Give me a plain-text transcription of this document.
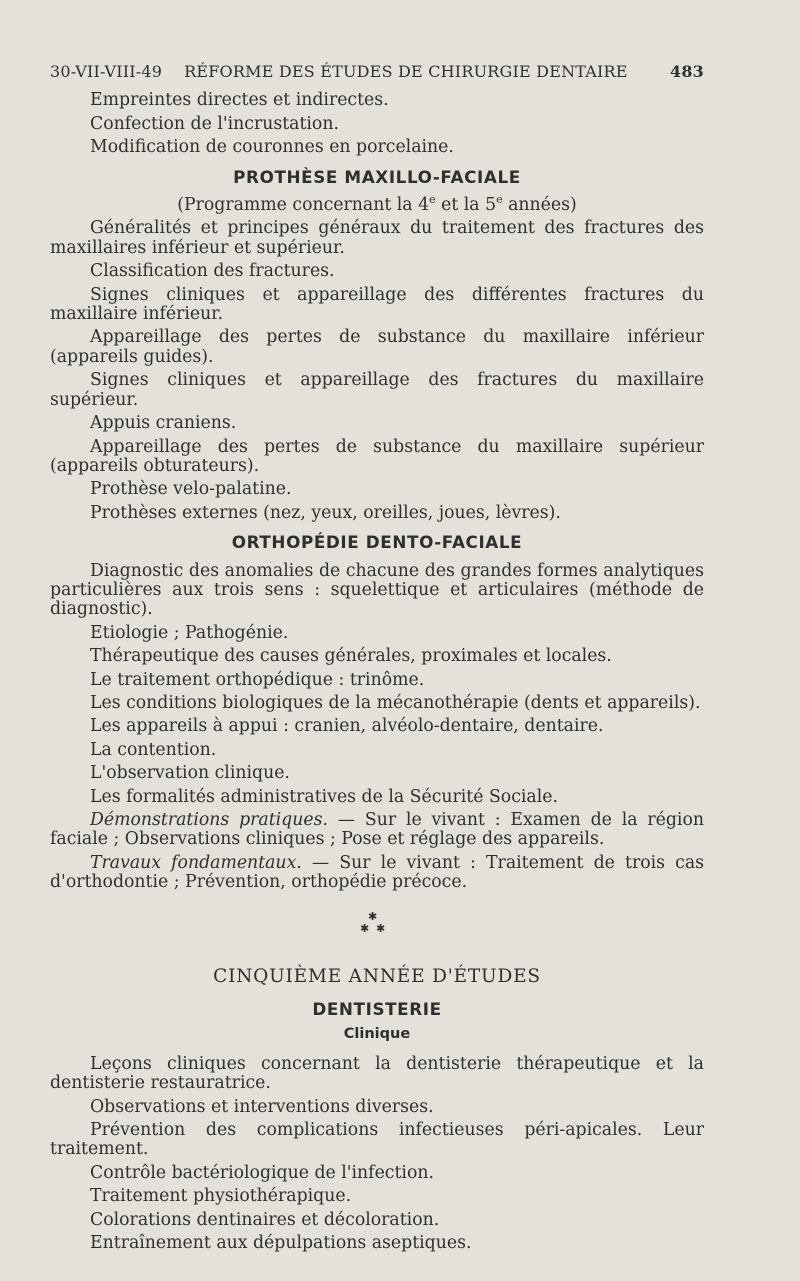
30-VII-VIII-49 RÉFORME DES ÉTUDES DE CHIRURGIE DENTAIRE	483

Empreintes directes et indirectes.

Confection de l'incrustation.

Modification de couronnes en porcelaine.

PROTHÈSE MAXILLO-FACIALE

(Programme concernant la 4e et la 5e années)

Généralités et principes généraux du traitement des fractures des maxillaires inférieur et supérieur.

Classification des fractures.

Signes cliniques et appareillage des différentes fractures du maxillaire inférieur.

Appareillage des pertes de substance du maxillaire inférieur (appareils guides).

Signes cliniques et appareillage des fractures du maxillaire supérieur.

Appuis craniens.

Appareillage des pertes de substance du maxillaire supérieur (appareils obturateurs).

Prothèse velo-palatine.

Prothèses externes (nez, yeux, oreilles, joues, lèvres).

ORTHOPÉDIE DENTO-FACIALE

Diagnostic des anomalies de chacune des grandes formes analytiques particulières aux trois sens : squelettique et articulaires (méthode de diagnostic).

Etiologie ; Pathogénie.

Thérapeutique des causes générales, proximales et locales.

Le traitement orthopédique : trinôme.

Les conditions biologiques de la mécanothérapie (dents et appareils).

Les appareils à appui : cranien, alvéolo-dentaire, dentaire.

La contention.

L'observation clinique.

Les formalités administratives de la Sécurité Sociale.

Démonstrations pratiques. — Sur le vivant : Examen de la région faciale ; Observations cliniques ; Pose et réglage des appareils.

Travaux fondamentaux. — Sur le vivant : Traitement de trois cas d'orthodontie ; Prévention, orthopédie précoce.

✱
✱ ✱
CINQUIÈME ANNÉE D'ÉTUDES
DENTISTERIE
Clinique

Leçons cliniques concernant la dentisterie thérapeutique et la dentisterie restauratrice.

Observations et interventions diverses.

Prévention des complications infectieuses péri-apicales. Leur traitement.

Contrôle bactériologique de l'infection.

Traitement physiothérapique.

Colorations dentinaires et décoloration.

Entraînement aux dépulpations aseptiques.
